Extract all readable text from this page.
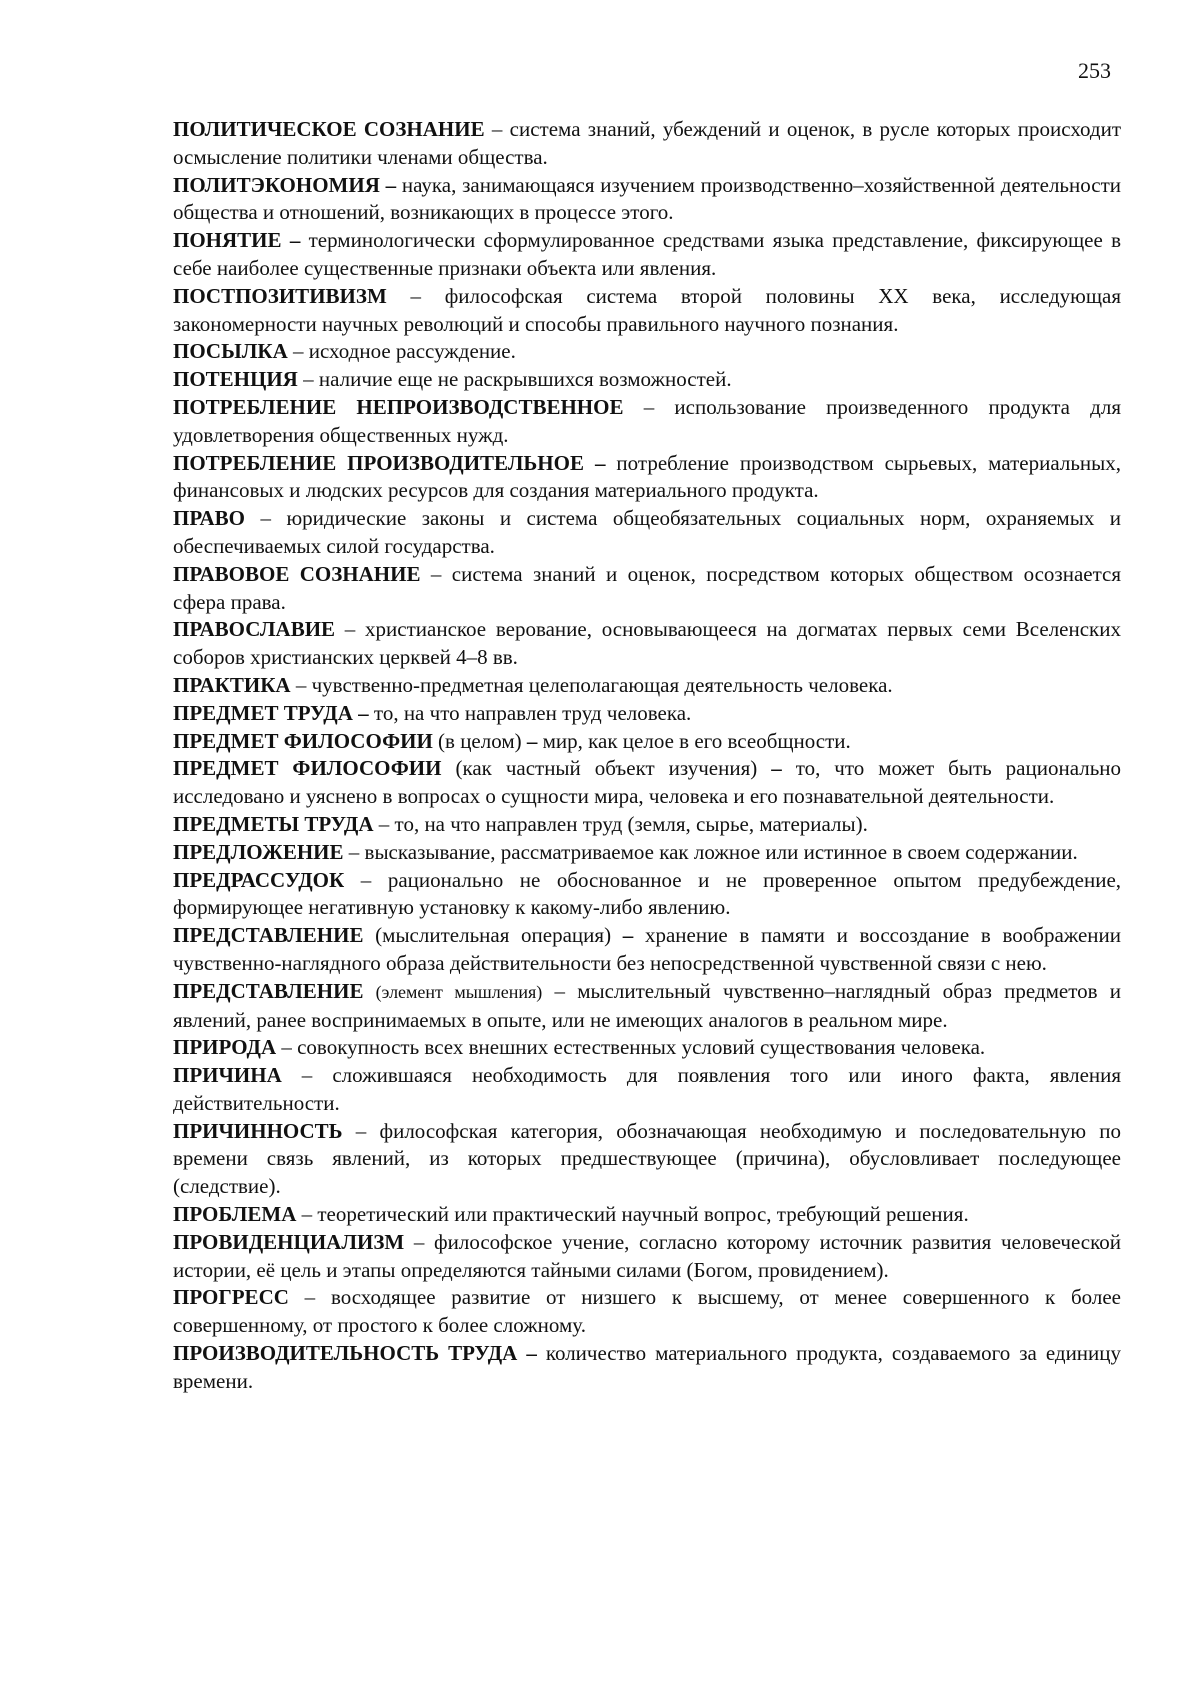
253

ПОЛИТИЧЕСКОЕ СОЗНАНИЕ – система знаний, убеждений и оценок, в русле которых происходит осмысление политики членами общества.

ПОЛИТЭКОНОМИЯ – наука, занимающаяся изучением производственно–хозяйственной деятельности общества и отношений, возникающих в процессе этого.

ПОНЯТИЕ – терминологически сформулированное средствами языка представление, фиксирующее в себе наиболее существенные признаки объекта или явления.

ПОСТПОЗИТИВИЗМ – философская система второй половины XX века, исследующая закономерности научных революций и способы правильного научного познания.

ПОСЫЛКА – исходное рассуждение.

ПОТЕНЦИЯ – наличие еще не раскрывшихся возможностей.

ПОТРЕБЛЕНИЕ НЕПРОИЗВОДСТВЕННОЕ – использование произведенного продукта для удовлетворения общественных нужд.

ПОТРЕБЛЕНИЕ ПРОИЗВОДИТЕЛЬНОЕ – потребление производством сырьевых, материальных, финансовых и людских ресурсов для создания материального продукта.

ПРАВО – юридические законы и система общеобязательных социальных норм, охраняемых и обеспечиваемых силой государства.

ПРАВОВОЕ СОЗНАНИЕ – система знаний и оценок, посредством которых обществом осознается сфера права.

ПРАВОСЛАВИЕ – христианское верование, основывающееся на догматах первых семи Вселенских соборов христианских церквей 4–8 вв.

ПРАКТИКА – чувственно-предметная целеполагающая деятельность человека.

ПРЕДМЕТ ТРУДА – то, на что направлен труд человека.

ПРЕДМЕТ ФИЛОСОФИИ (в целом) – мир, как целое в его всеобщности.

ПРЕДМЕТ ФИЛОСОФИИ (как частный объект изучения) – то, что может быть рационально исследовано и уяснено в вопросах о сущности мира, человека и его познавательной деятельности.

ПРЕДМЕТЫ ТРУДА – то, на что направлен труд (земля, сырье, материалы).

ПРЕДЛОЖЕНИЕ – высказывание, рассматриваемое как ложное или истинное в своем содержании.

ПРЕДРАССУДОК – рационально не обоснованное и не проверенное опытом предубеждение, формирующее негативную установку к какому-либо явлению.

ПРЕДСТАВЛЕНИЕ (мыслительная операция) – хранение в памяти и воссоздание в воображении чувственно-наглядного образа действительности без непосредственной чувственной связи с нею.

ПРЕДСТАВЛЕНИЕ (элемент мышления) – мыслительный чувственно–наглядный образ предметов и явлений, ранее воспринимаемых в опыте, или не имеющих аналогов в реальном мире.

ПРИРОДА – совокупность всех внешних естественных условий существования человека.

ПРИЧИНА – сложившаяся необходимость для появления того или иного факта, явления действительности.

ПРИЧИННОСТЬ – философская категория, обозначающая необходимую и последовательную по времени связь явлений, из которых предшествующее (причина), обусловливает последующее (следствие).

ПРОБЛЕМА – теоретический или практический научный вопрос, требующий решения.

ПРОВИДЕНЦИАЛИЗМ – философское учение, согласно которому источник развития человеческой истории, её цель и этапы определяются тайными силами (Богом, провидением).

ПРОГРЕСС – восходящее развитие от низшего к высшему, от менее совершенного к более совершенному, от простого к более сложному.

ПРОИЗВОДИТЕЛЬНОСТЬ ТРУДА – количество материального продукта, создаваемого за единицу времени.
